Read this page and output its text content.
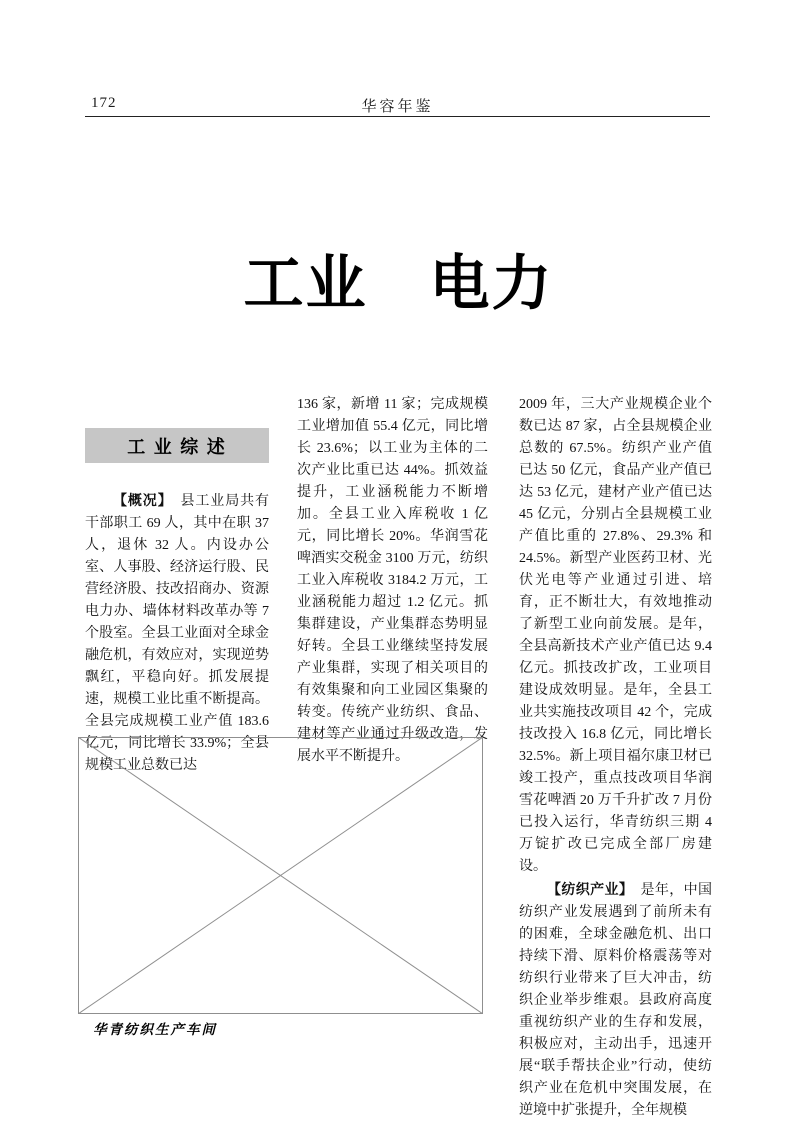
172	华容年鉴
工业　电力
工 业 综 述

【概况】　县工业局共有干部职工 69 人，其中在职 37 人，退休 32 人。内设办公室、人事股、经济运行股、民营经济股、技改招商办、资源电力办、墙体材料改革办等 7 个股室。全县工业面对全球金融危机，有效应对，实现逆势飘红，平稳向好。抓发展提速，规模工业比重不断提高。全县完成规模工业产值 183.6 亿元，同比增长 33.9%；全县规模工业总数已达

136 家，新增 11 家；完成规模工业增加值 55.4 亿元，同比增长 23.6%；以工业为主体的二次产业比重已达 44%。抓效益提升，工业涵税能力不断增加。全县工业入库税收 1 亿元，同比增长 20%。华润雪花啤酒实交税金 3100 万元，纺织工业入库税收 3184.2 万元，工业涵税能力超过 1.2 亿元。抓集群建设，产业集群态势明显好转。全县工业继续坚持发展产业集群，实现了相关项目的有效集聚和向工业园区集聚的转变。传统产业纺织、食品、建材等产业通过升级改造，发展水平不断提升。

2009 年，三大产业规模企业个数已达 87 家，占全县规模企业总数的 67.5%。纺织产业产值已达 50 亿元，食品产业产值已达 53 亿元，建材产业产值已达 45 亿元，分别占全县规模工业产值比重的 27.8%、29.3% 和 24.5%。新型产业医药卫材、光伏光电等产业通过引进、培育，正不断壮大，有效地推动了新型工业向前发展。是年，全县高新技术产业产值已达 9.4 亿元。抓技改扩改，工业项目建设成效明显。是年，全县工业共实施技改项目 42 个，完成技改投入 16.8 亿元，同比增长 32.5%。新上项目福尔康卫材已竣工投产，重点技改项目华润雪花啤酒 20 万千升扩改 7 月份已投入运行，华青纺织三期 4 万锭扩改已完成全部厂房建设。

【纺织产业】　是年，中国纺织产业发展遇到了前所未有的困难，全球金融危机、出口持续下滑、原料价格震荡等对纺织行业带来了巨大冲击，纺织企业举步维艰。县政府高度重视纺织产业的生存和发展，积极应对，主动出手，迅速开展“联手帮扶企业”行动，使纺织产业在危机中突围发展，在逆境中扩张提升，全年规模

华青纺织生产车间
